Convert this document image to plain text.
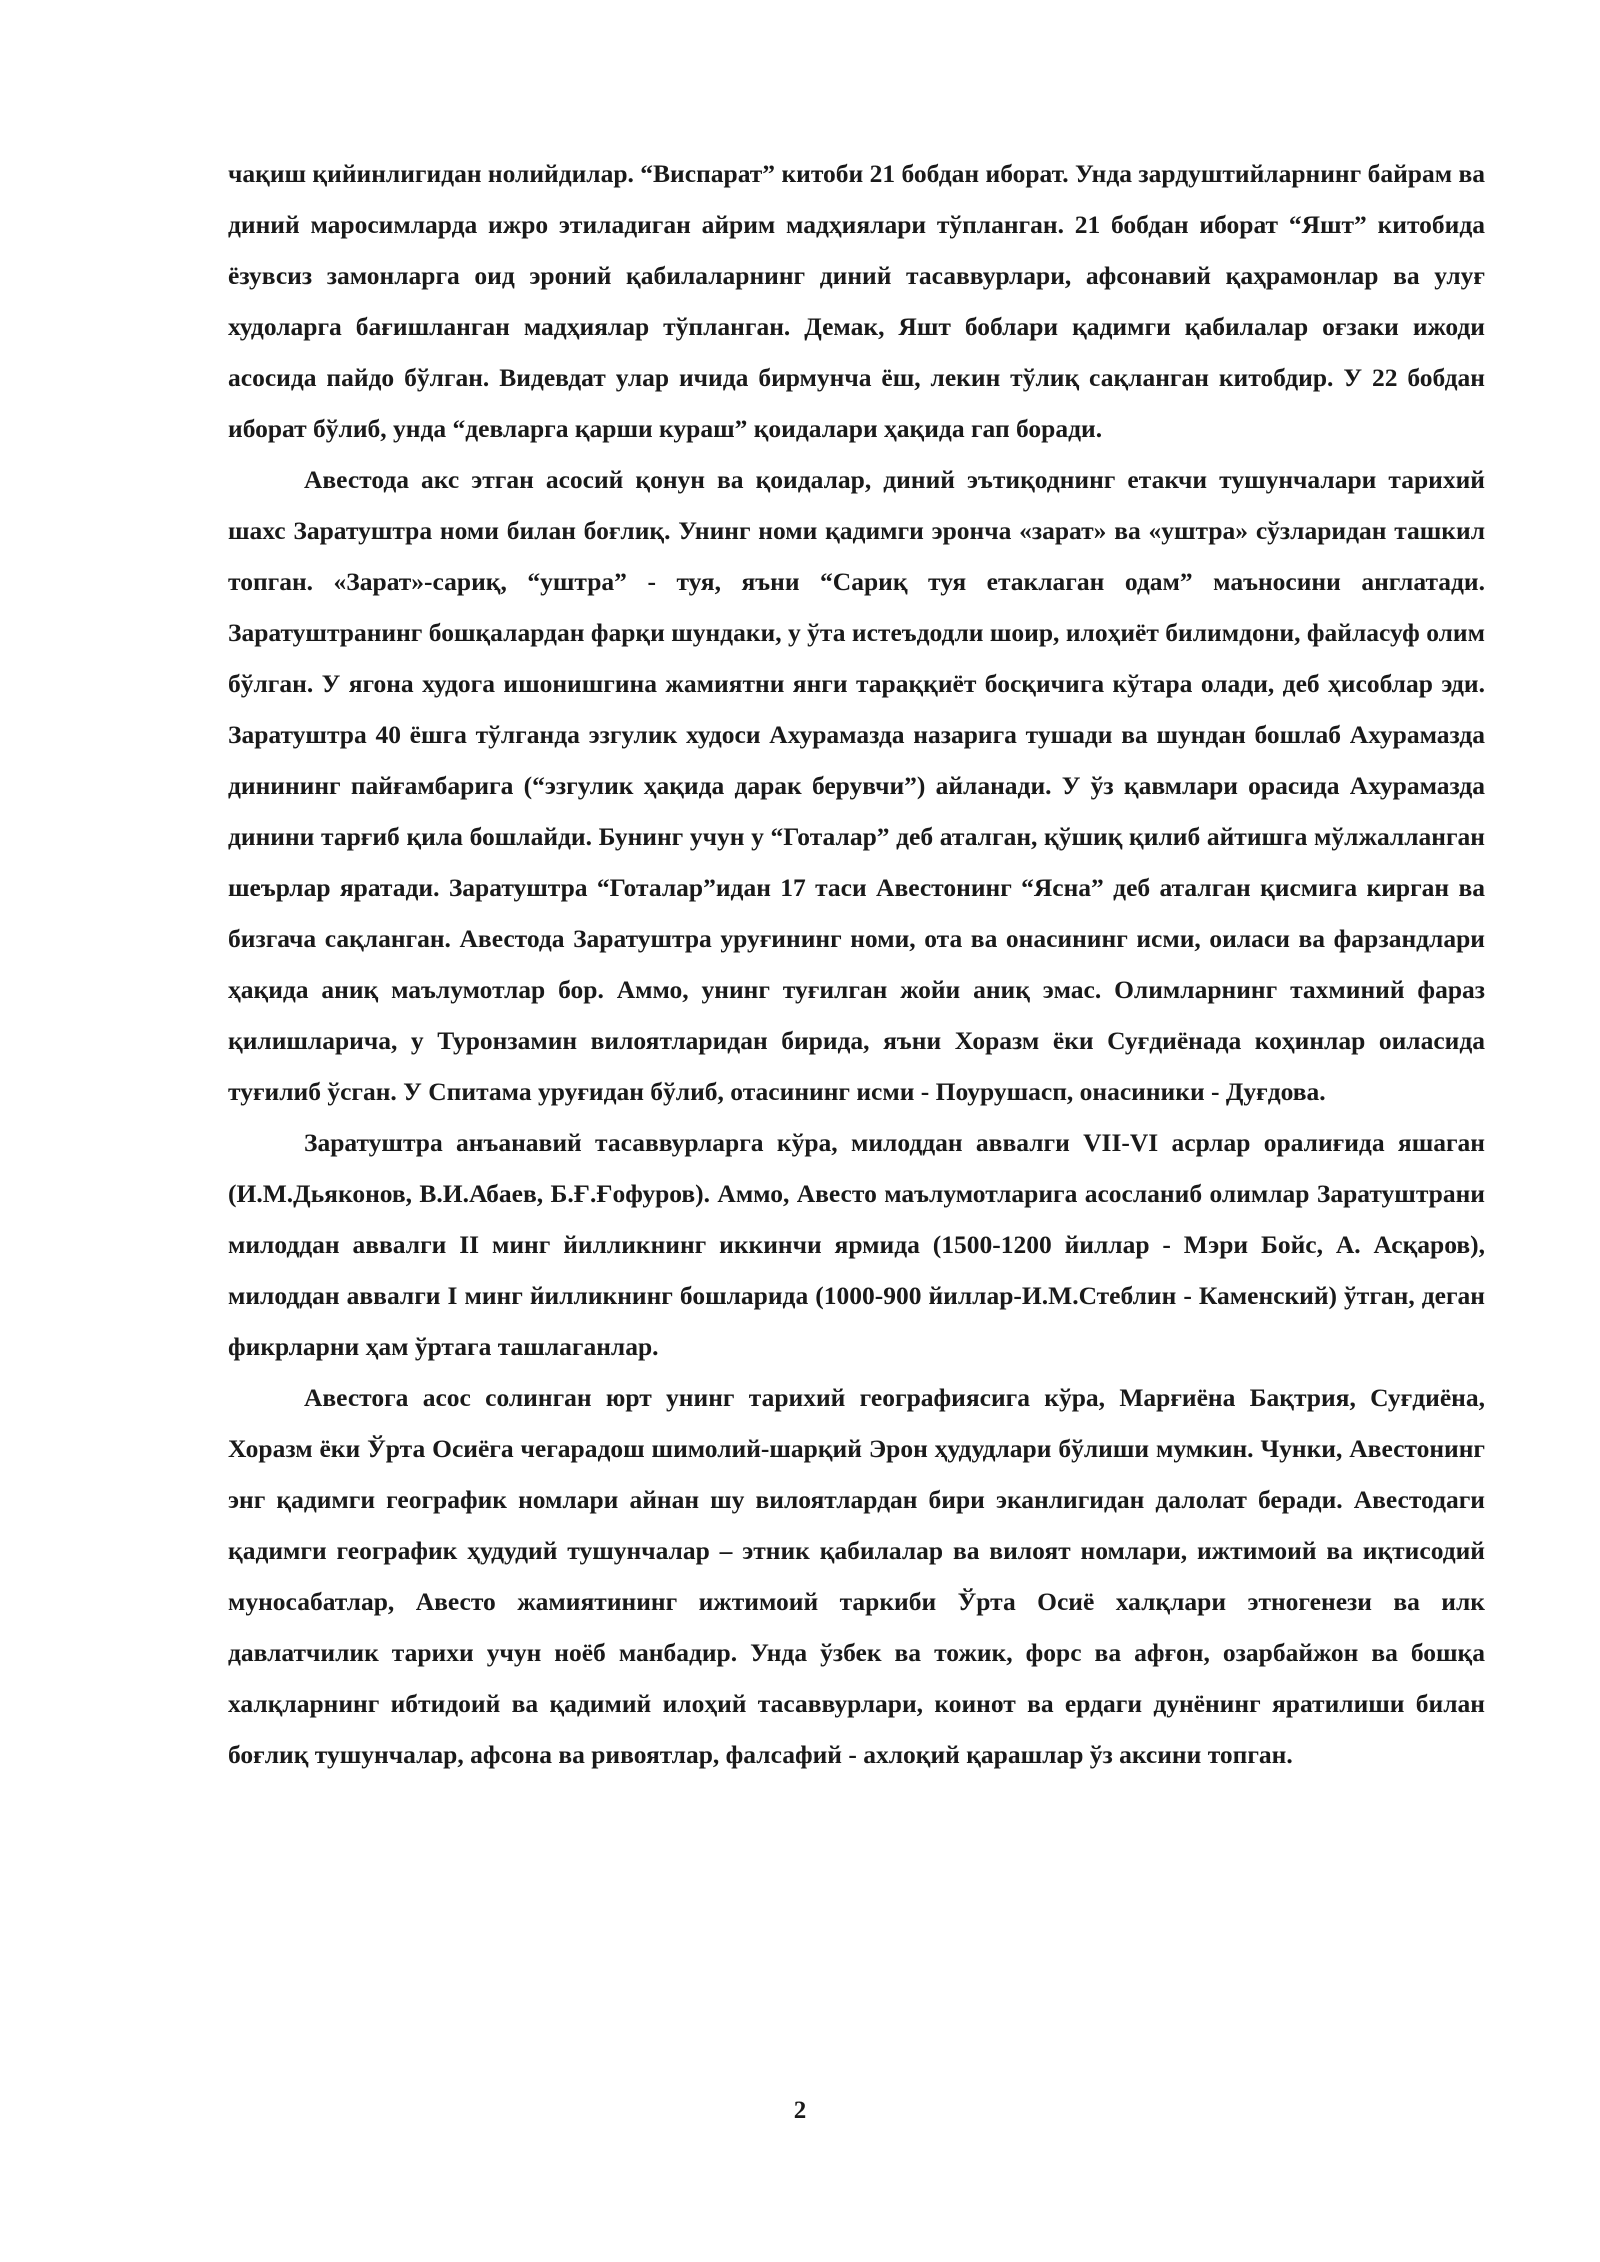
чақиш қийинлигидан нолийдилар. “Виспарат” китоби 21 бобдан иборат. Унда зардуштийларнинг байрам ва диний маросимларда ижро этиладиган айрим мадҳиялари тўпланган. 21 бобдан иборат “Яшт” китобида ёзувсиз замонларга оид эроний қабилаларнинг диний тасаввурлари, афсонавий қаҳрамонлар ва улуғ худоларга бағишланган мадҳиялар тўпланган. Демак, Яшт боблари қадимги қабилалар оғзаки ижоди асосида пайдо бўлган. Видевдат улар ичида бирмунча ёш, лекин тўлиқ сақланган китобдир. У 22 бобдан иборат бўлиб, унда “девларга қарши кураш” қоидалари ҳақида гап боради.

Авестода акс этган асосий қонун ва қоидалар, диний эътиқоднинг етакчи тушунчалари тарихий шахс Заратуштра номи билан боғлиқ. Унинг номи қадимги эронча «зарат» ва «уштра» сўзларидан ташкил топган. «Зарат»-сариқ, “уштра” - туя, яъни “Сариқ туя етаклаган одам” маъносини англатади. Заратуштранинг бошқалардан фарқи шундаки, у ўта истеъдодли шоир, илоҳиёт билимдони, файласуф олим бўлган. У ягона худога ишонишгина жамиятни янги тараққиёт босқичига кўтара олади, деб ҳисоблар эди. Заратуштра 40 ёшга тўлганда эзгулик худоси Ахурамазда назарига тушади ва шундан бошлаб Ахурамазда динининг пайғамбарига (“эзгулик ҳақида дарак берувчи”) айланади. У ўз қавмлари орасида Ахурамазда динини тарғиб қила бошлайди. Бунинг учун у “Готалар” деб аталган, қўшиқ қилиб айтишга мўлжалланган шеърлар яратади. Заратуштра “Готалар”идан 17 таси Авестонинг “Ясна” деб аталган қисмига кирган ва бизгача сақланган. Авестода Заратуштра уруғининг номи, ота ва онасининг исми, оиласи ва фарзандлари ҳақида аниқ маълумотлар бор. Аммо, унинг туғилган жойи аниқ эмас. Олимларнинг тахминий фараз қилишларича, у Туронзамин вилоятларидан бирида, яъни Хоразм ёки Суғдиёнада коҳинлар оиласида туғилиб ўсган. У Спитама уруғидан бўлиб, отасининг исми - Поурушасп, онасиники - Дуғдова.

Заратуштра анъанавий тасаввурларга кўра, милоддан аввалги VII-VI асрлар оралиғида яшаган (И.М.Дьяконов, В.И.Абаев, Б.Ғ.Ғофуров). Аммо, Авесто маълумотларига асосланиб олимлар Заратуштрани милоддан аввалги II минг йилликнинг иккинчи ярмида (1500-1200 йиллар - Мэри Бойс, А. Асқаров), милоддан аввалги I минг йилликнинг бошларида (1000-900 йиллар-И.М.Стеблин - Каменский) ўтган, деган фикрларни ҳам ўртага ташлаганлар.

Авестога асос солинган юрт унинг тарихий географиясига кўра, Марғиёна Бақтрия, Суғдиёна, Хоразм ёки Ўрта Осиёга чегарадош шимолий-шарқий Эрон ҳудудлари бўлиши мумкин. Чунки, Авестонинг энг қадимги географик номлари айнан шу вилоятлардан бири эканлигидан далолат беради. Авестодаги қадимги географик ҳудудий тушунчалар – этник қабилалар ва вилоят номлари, ижтимоий ва иқтисодий муносабатлар, Авесто жамиятининг ижтимоий таркиби Ўрта Осиё халқлари этногенези ва илк давлатчилик тарихи учун ноёб манбадир. Унда ўзбек ва тожик, форс ва афғон, озарбайжон ва бошқа халқларнинг ибтидоий ва қадимий илоҳий тасаввурлари, коинот ва ердаги дунёнинг яратилиши билан боғлиқ тушунчалар, афсона ва ривоятлар, фалсафий - ахлоқий қарашлар ўз аксини топган.

2
